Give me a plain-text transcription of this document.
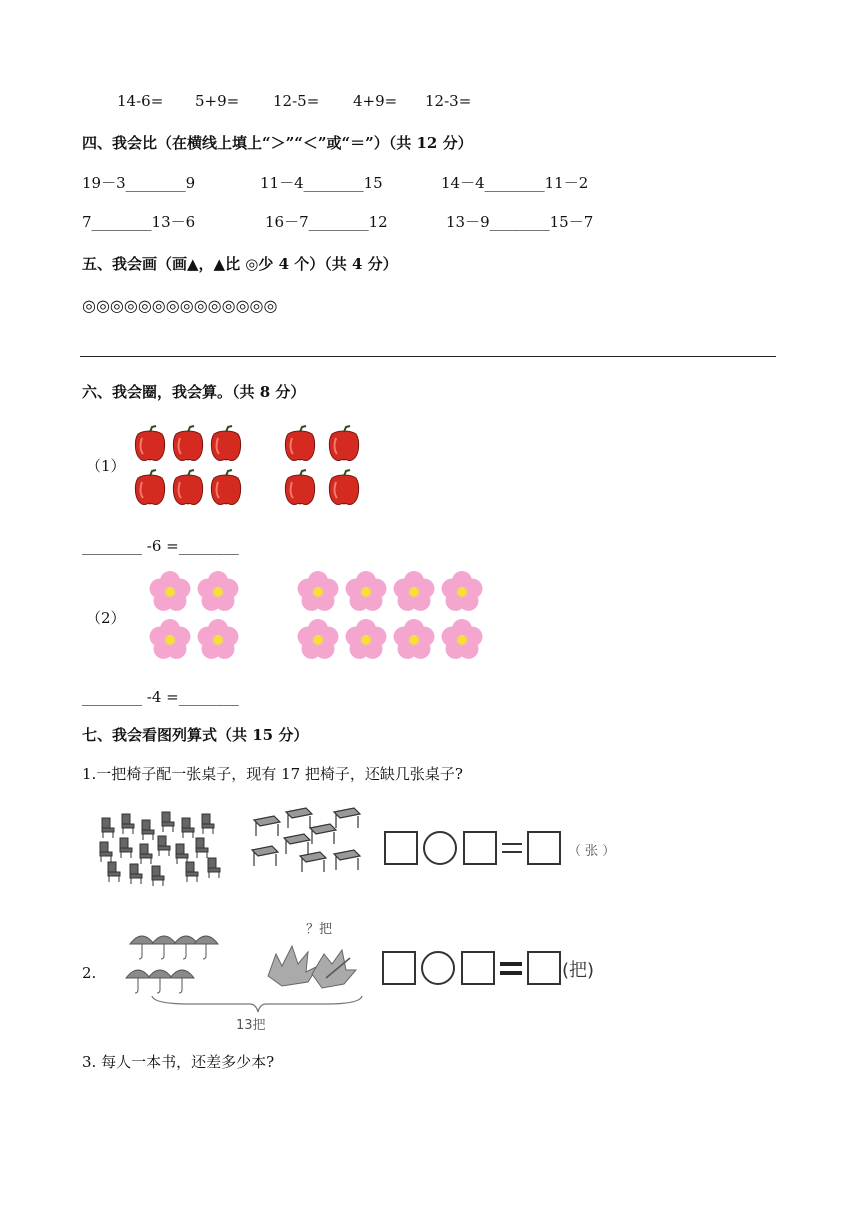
14-6= 5+9= 12-5= 4+9= 12-3=
四、我会比（在横线上填上“＞”“＜”或“＝”）（共 12 分）
19－3________9	11－4________15	14－4________11－2
7________13－6	16－7________12	13－9________15－7
五、我会画（画▲，▲比 ◎少 4 个）（共 4 分）
◎◎◎◎◎◎◎◎◎◎◎◎◎◎
六、我会圈，我会算。（共 8 分）
（1）
________ -6 =________
（2）
________ -4 =________
七、我会看图列算式（共 15 分）
1.一把椅子配一张桌子，现有 17 把椅子，还缺几张桌子?
（ 张 ）
2.
？把
13把
(把)
3. 每人一本书，还差多少本?
